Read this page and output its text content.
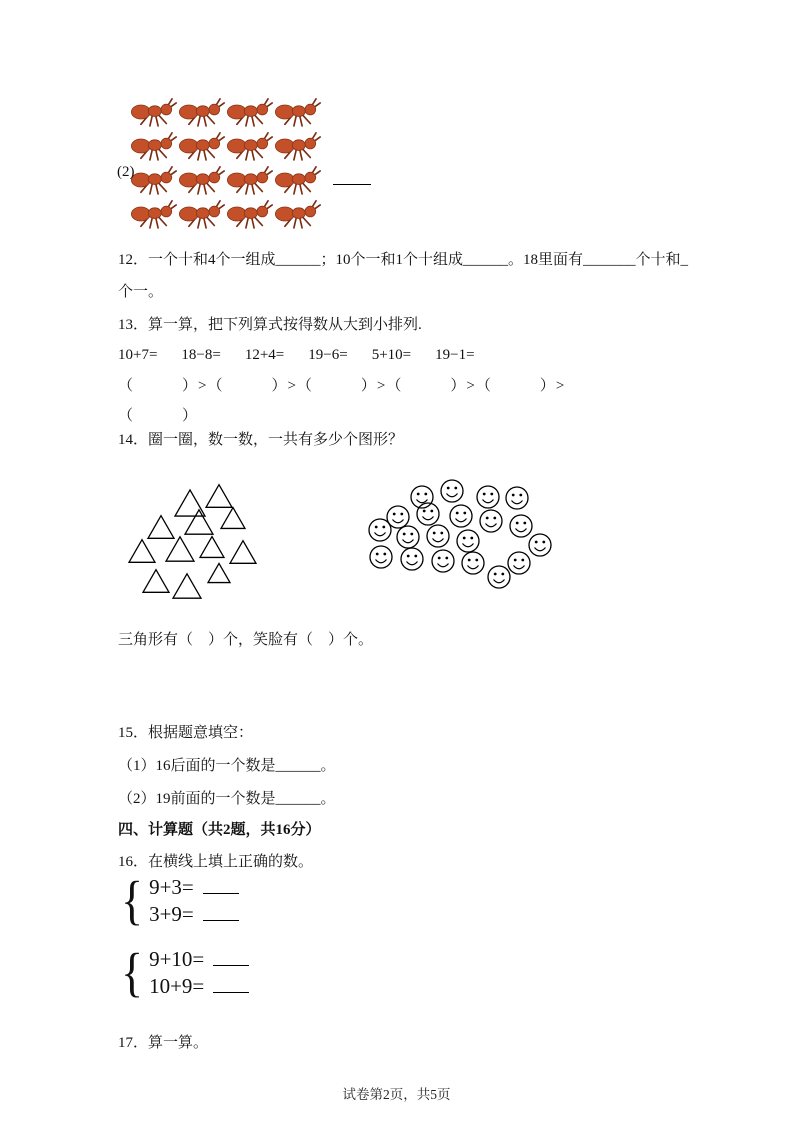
(2)
12．一个十和4个一组成______；10个一和1个十组成______。18里面有_______个十和_
个一。
13．算一算，把下列算式按得数从大到小排列.
10+7= 18−8= 12+4= 19−6= 5+10= 19−1=
（　　　）>（　　　）>（　　　）>（　　　）>（　　　）>
（　　　）
14．圈一圈，数一数，一共有多少个图形？
三角形有（　）个，笑脸有（　）个。
15．根据题意填空：
（1）16后面的一个数是______。
（2）19前面的一个数是______。
四、计算题（共2题，共16分）
16．在横线上填上正确的数。
{ 9+3=
3+9=
{ 9+10=
10+9=
17．算一算。
试卷第2页，共5页
